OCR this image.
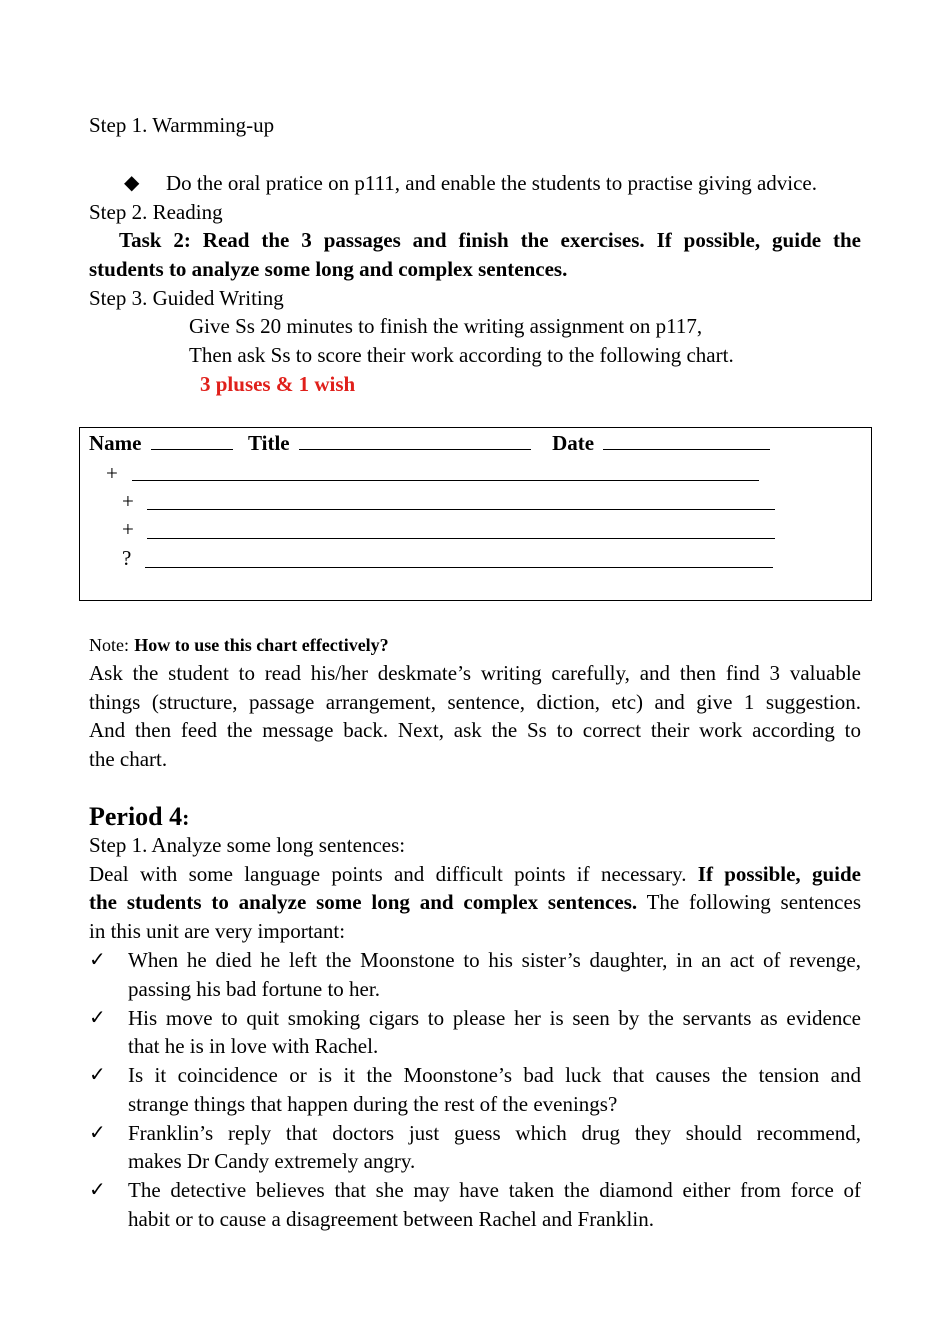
Step 1. Warmming-up
◆	Do the oral pratice on p111, and enable the students to practise giving advice.
Step 2. Reading
Task 2: Read the 3 passages and finish the exercises. If possible, guide the
students to analyze some long and complex sentences.
Step 3. Guided Writing
Give Ss 20 minutes to finish the writing assignment on p117,
Then ask Ss to score their work according to the following chart.
3 pluses & 1 wish
Name	Title	Date
+
+
+
?
Note: How to use this chart effectively?
Ask the student to read his/her deskmate’s writing carefully, and then find 3 valuable
things (structure, passage arrangement, sentence, diction, etc) and give 1 suggestion.
And then feed the message back. Next, ask the Ss to correct their work according to
the chart.
Period 4:
Step 1. Analyze some long sentences:
Deal with some language points and difficult points if necessary. If possible, guide
the students to analyze some long and complex sentences. The following sentences
in this unit are very important:
✓ When he died he left the Moonstone to his sister’s daughter, in an act of revenge,
passing his bad fortune to her.
✓ His move to quit smoking cigars to please her is seen by the servants as evidence
that he is in love with Rachel.
✓ Is it coincidence or is it the Moonstone’s bad luck that causes the tension and
strange things that happen during the rest of the evenings?
✓ Franklin’s reply that doctors just guess which drug they should recommend,
makes Dr Candy extremely angry.
✓ The detective believes that she may have taken the diamond either from force of
habit or to cause a disagreement between Rachel and Franklin.
